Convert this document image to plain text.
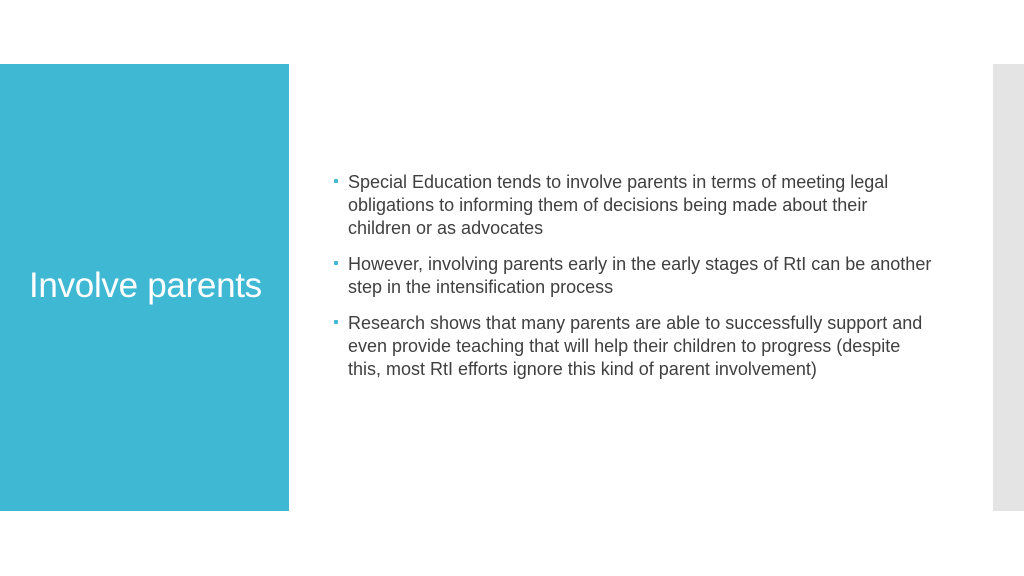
Involve parents
Special Education tends to involve parents in terms of meeting legal obligations to informing them of decisions being made about their children or as advocates
However, involving parents early in the early stages of RtI can be another step in the intensification process
Research shows that many parents are able to successfully support and even provide teaching that will help their children to progress (despite this, most RtI efforts ignore this kind of parent involvement)
